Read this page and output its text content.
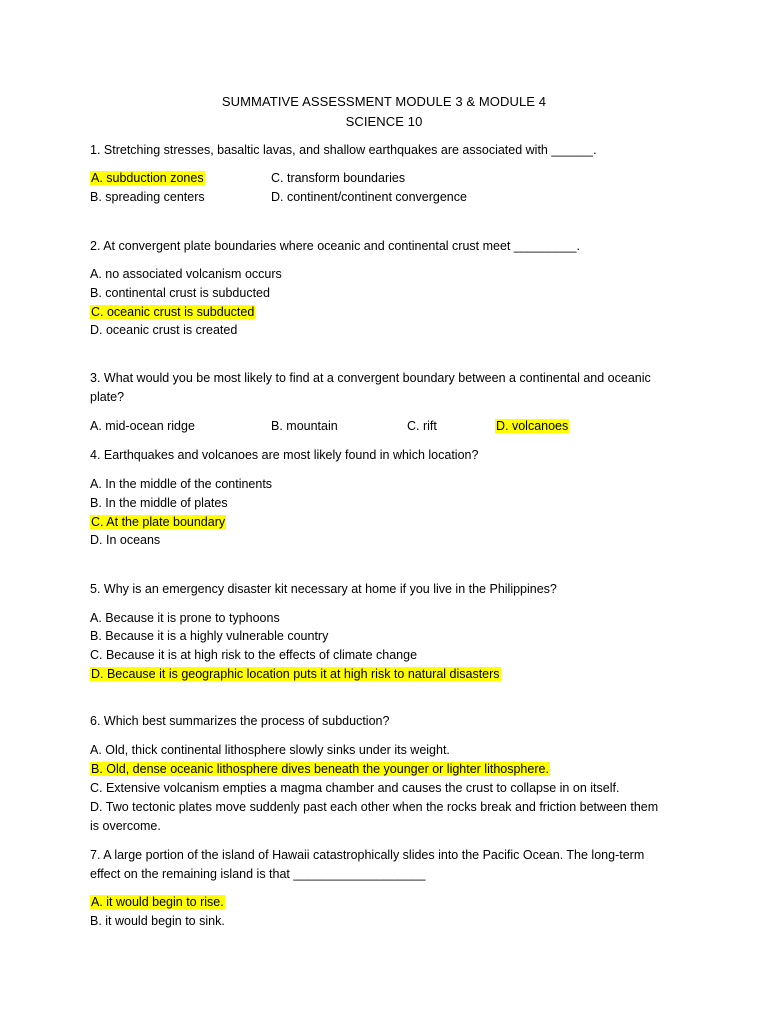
SUMMATIVE ASSESSMENT MODULE 3 & MODULE 4
SCIENCE 10
1. Stretching stresses, basaltic lavas, and shallow earthquakes are associated with ______.
A. subduction zones	C. transform boundaries
B. spreading centers	D. continent/continent convergence
2. At convergent plate boundaries where oceanic and continental crust meet _________.
A. no associated volcanism occurs
B. continental crust is subducted
C. oceanic crust is subducted
D. oceanic crust is created
3. What would you be most likely to find at a convergent boundary between a continental and oceanic
plate?
A. mid-ocean ridge	B. mountain	C. rift	D. volcanoes
4. Earthquakes and volcanoes are most likely found in which location?
A. In the middle of the continents
B. In the middle of plates
C. At the plate boundary
D. In oceans
5. Why is an emergency disaster kit necessary at home if you live in the Philippines?
A. Because it is prone to typhoons
B. Because it is a highly vulnerable country
C. Because it is at high risk to the effects of climate change
D. Because it is geographic location puts it at high risk to natural disasters
6. Which best summarizes the process of subduction?
A. Old, thick continental lithosphere slowly sinks under its weight.
B. Old, dense oceanic lithosphere dives beneath the younger or lighter lithosphere.
C. Extensive volcanism empties a magma chamber and causes the crust to collapse in on itself.
D. Two tectonic plates move suddenly past each other when the rocks break and friction between them
is overcome.
7. A large portion of the island of Hawaii catastrophically slides into the Pacific Ocean. The long-term
effect on the remaining island is that ___________________
A. it would begin to rise.
B. it would begin to sink.
